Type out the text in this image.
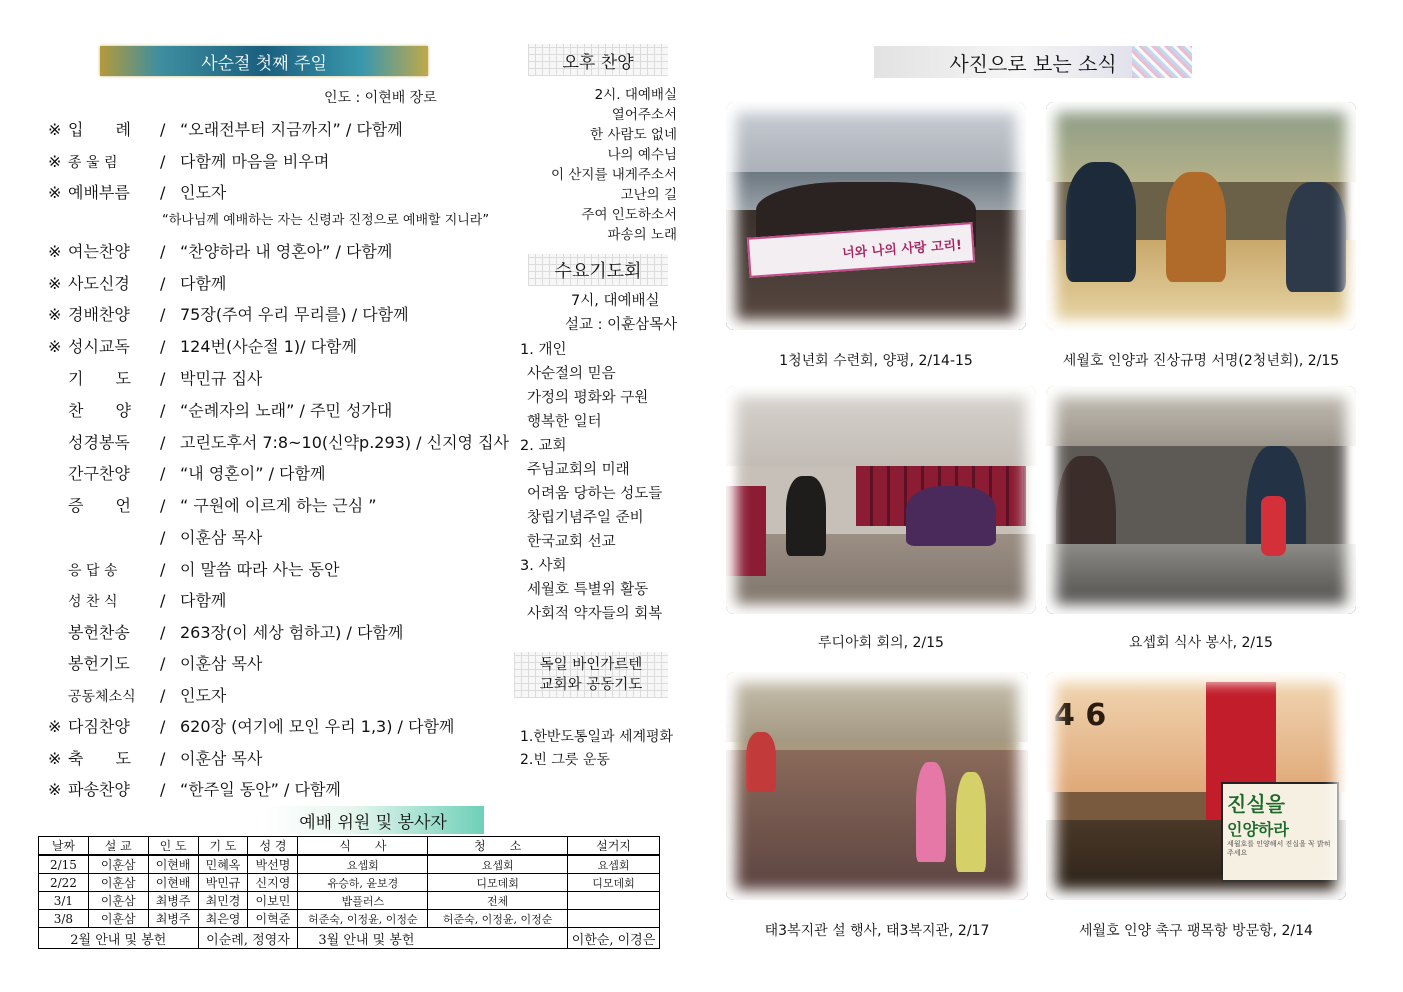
사순절 첫째 주일
인도 : 이현배 장로
※ 입　　례 / “오래전부터 지금까지” / 다함께
※ 종 울 림	/ 다함께 마음을 비우며
※ 예배부름 / 인도자
※ 여는찬양 / “찬양하라 내 영혼아” / 다함께
※ 사도신경 / 다함께
※ 경배찬양 / 75장(주여 우리 무리를) / 다함께
※ 성시교독 / 124번(사순절 1)/ 다함께
기　　도 / 박민규 집사
찬　　양 / “순례자의 노래” / 주민 성가대
성경봉독 / 고린도후서 7:8~10(신약p.293) / 신지영 집사
간구찬양 / “내 영혼이” / 다함께
증　　언 / “ 구원에 이르게 하는 근심 ”
/ 이훈삼 목사
응 답 송	/ 이 말씀 따라 사는 동안
성 찬 식	/ 다함께
봉헌찬송 / 263장(이 세상 험하고) / 다함께
봉헌기도 / 이훈삼 목사
공동체소식 / 인도자
※ 다짐찬양 / 620장 (여기에 모인 우리 1,3) / 다함께
※ 축　　도 / 이훈삼 목사
※ 파송찬양 / “한주일 동안” / 다함께
“하나님께 예배하는 자는 신령과 진정으로 예배할 지니라”
오후 찬양
2시. 대예배실
열어주소서
한 사람도 없네
나의 예수님
이 산지를 내게주소서
고난의 길
주여 인도하소서
파송의 노래
수요기도회
7시, 대예배실
설교 : 이훈삼목사
1. 개인
사순절의 믿음
가정의 평화와 구원
행복한 일터
2. 교회
주님교회의 미래
어려움 당하는 성도들
창립기념주일 준비
한국교회 선교
3. 사회
세월호 특별위 활동
사회적 약자들의 회복
독일 바인가르텐
교회와 공동기도
1.한반도통일과 세계평화
2.빈 그릇 운동
예배 위원 및 봉사자
날짜	설 교	인 도	기 도	성 경	식　　사	청　　소	설거지
2/15	이훈삼	이현배	민혜옥	박선명	요셉회	요셉회	요셉회
2/22	이훈삼	이현배	박민규	신지영	유승하, 윤보경	디모데회	디모데회
3/1	이훈삼	최병주	최민경	이보민	밥플러스	전체	
3/8	이훈삼	최병주	최은영	이혁준	허준숙, 이정윤, 이정순	허준숙, 이정윤, 이정순	
2월 안내 및 봉헌			이순례, 정영자		3월 안내 및 봉헌		이한순, 이경은
사진으로 보는 소식
너와 나의 사랑 고리!
1청년회 수련회, 양평, 2/14-15	세월호 인양과 진상규명 서명(2청년회), 2/15
루디아회 회의, 2/15	요셉회 식사 봉사, 2/15
태3복지관 설 행사, 태3복지관, 2/17
4 6
진실을
인양하라
세월호를 인양해서 진실을 꼭 밝혀주세요
세월호 인양 촉구 팽목항 방문항, 2/14
